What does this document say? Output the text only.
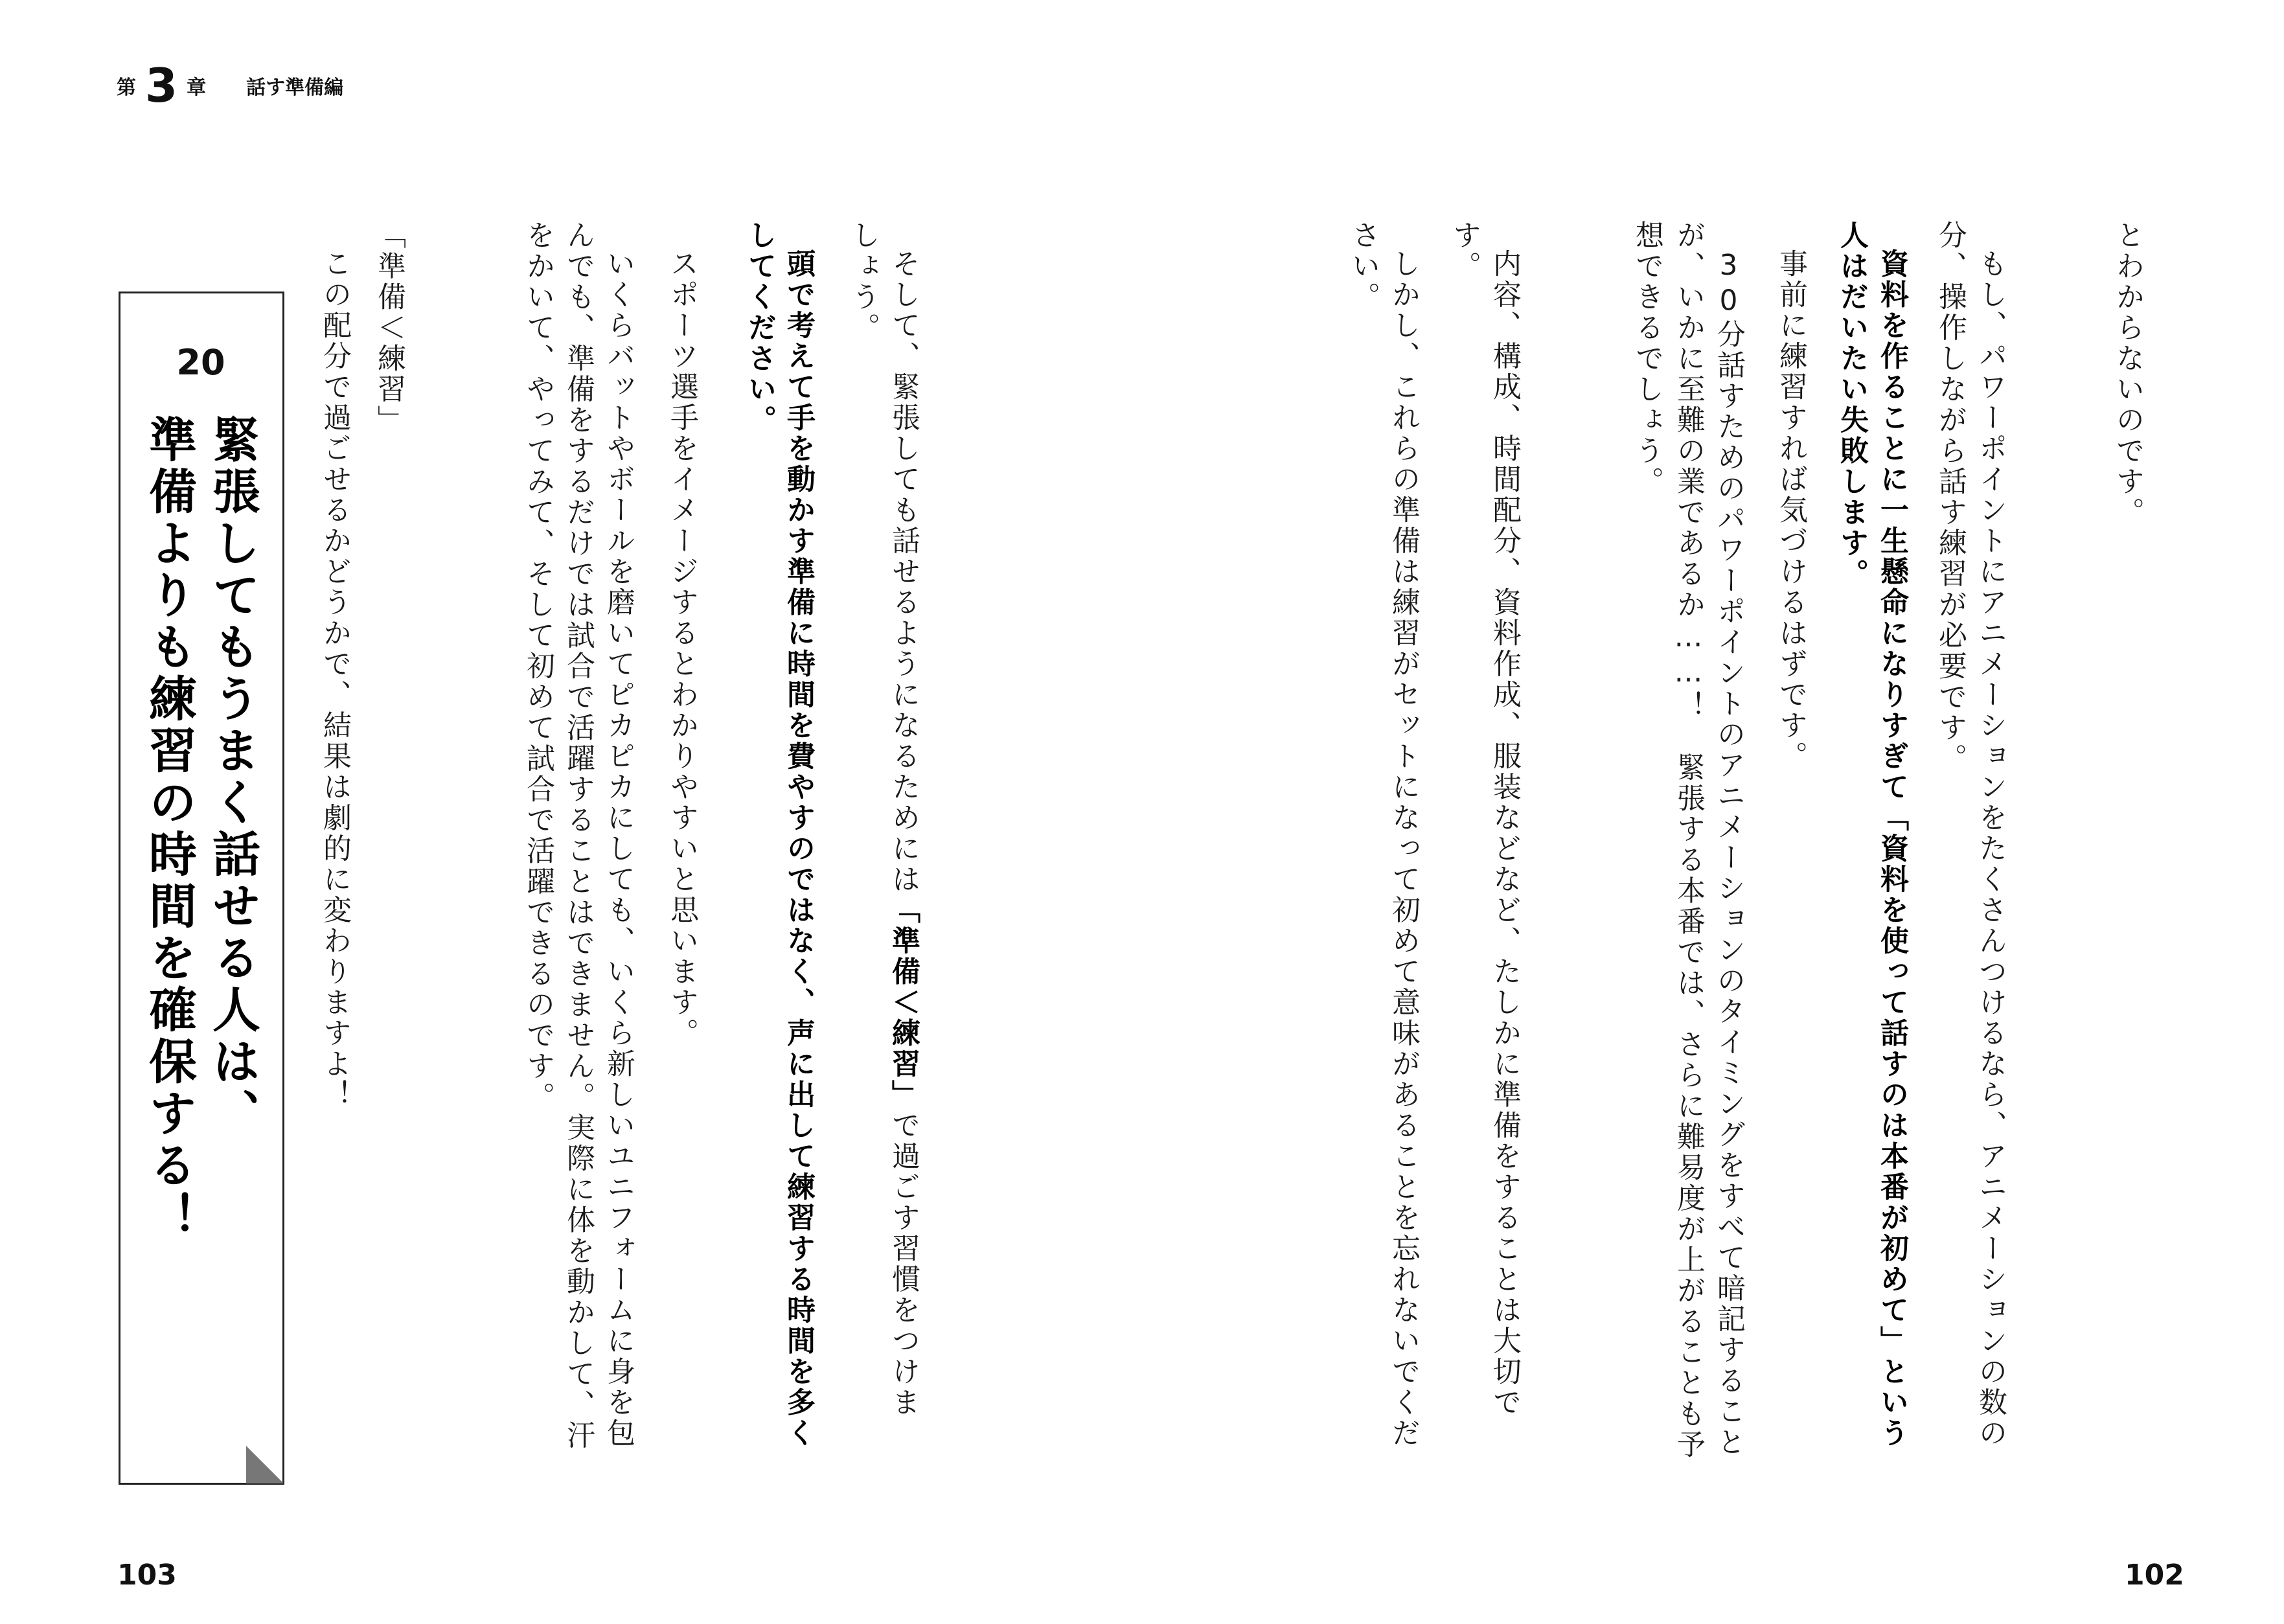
第 3 章 話す準備編
とわからないのです。
もし、パワーポイントにアニメーションをたくさんつけるなら、アニメーションの数の
分、操作しながら話す練習が必要です。
資料を作ることに一生懸命になりすぎて「資料を使って話すのは本番が初めて」という
人はだいたい失敗します。
事前に練習すれば気づけるはずです。
30分話すためのパワーポイントのアニメーションのタイミングをすべて暗記すること
が、いかに至難の業であるか……！　緊張する本番では、さらに難易度が上がることも予
想できるでしょう。
内容、構成、時間配分、資料作成、服装などなど、たしかに準備をすることは大切で
す。
しかし、これらの準備は練習がセットになって初めて意味があることを忘れないでくだ
さい。
そして、緊張しても話せるようになるためには「準備＜練習」で過ごす習慣をつけま
しょう。
頭で考えて手を動かす準備に時間を費やすのではなく、声に出して練習する時間を多く
してください。
スポーツ選手をイメージするとわかりやすいと思います。
いくらバットやボールを磨いてピカピカにしても、いくら新しいユニフォームに身を包
んでも、準備をするだけでは試合で活躍することはできません。実際に体を動かして、汗
をかいて、やってみて、そして初めて試合で活躍できるのです。
「準備＜練習」
この配分で過ごせるかどうかで、結果は劇的に変わりますよ！
20
緊張してもうまく話せる人は、
準備よりも練習の時間を確保する！
103	102
